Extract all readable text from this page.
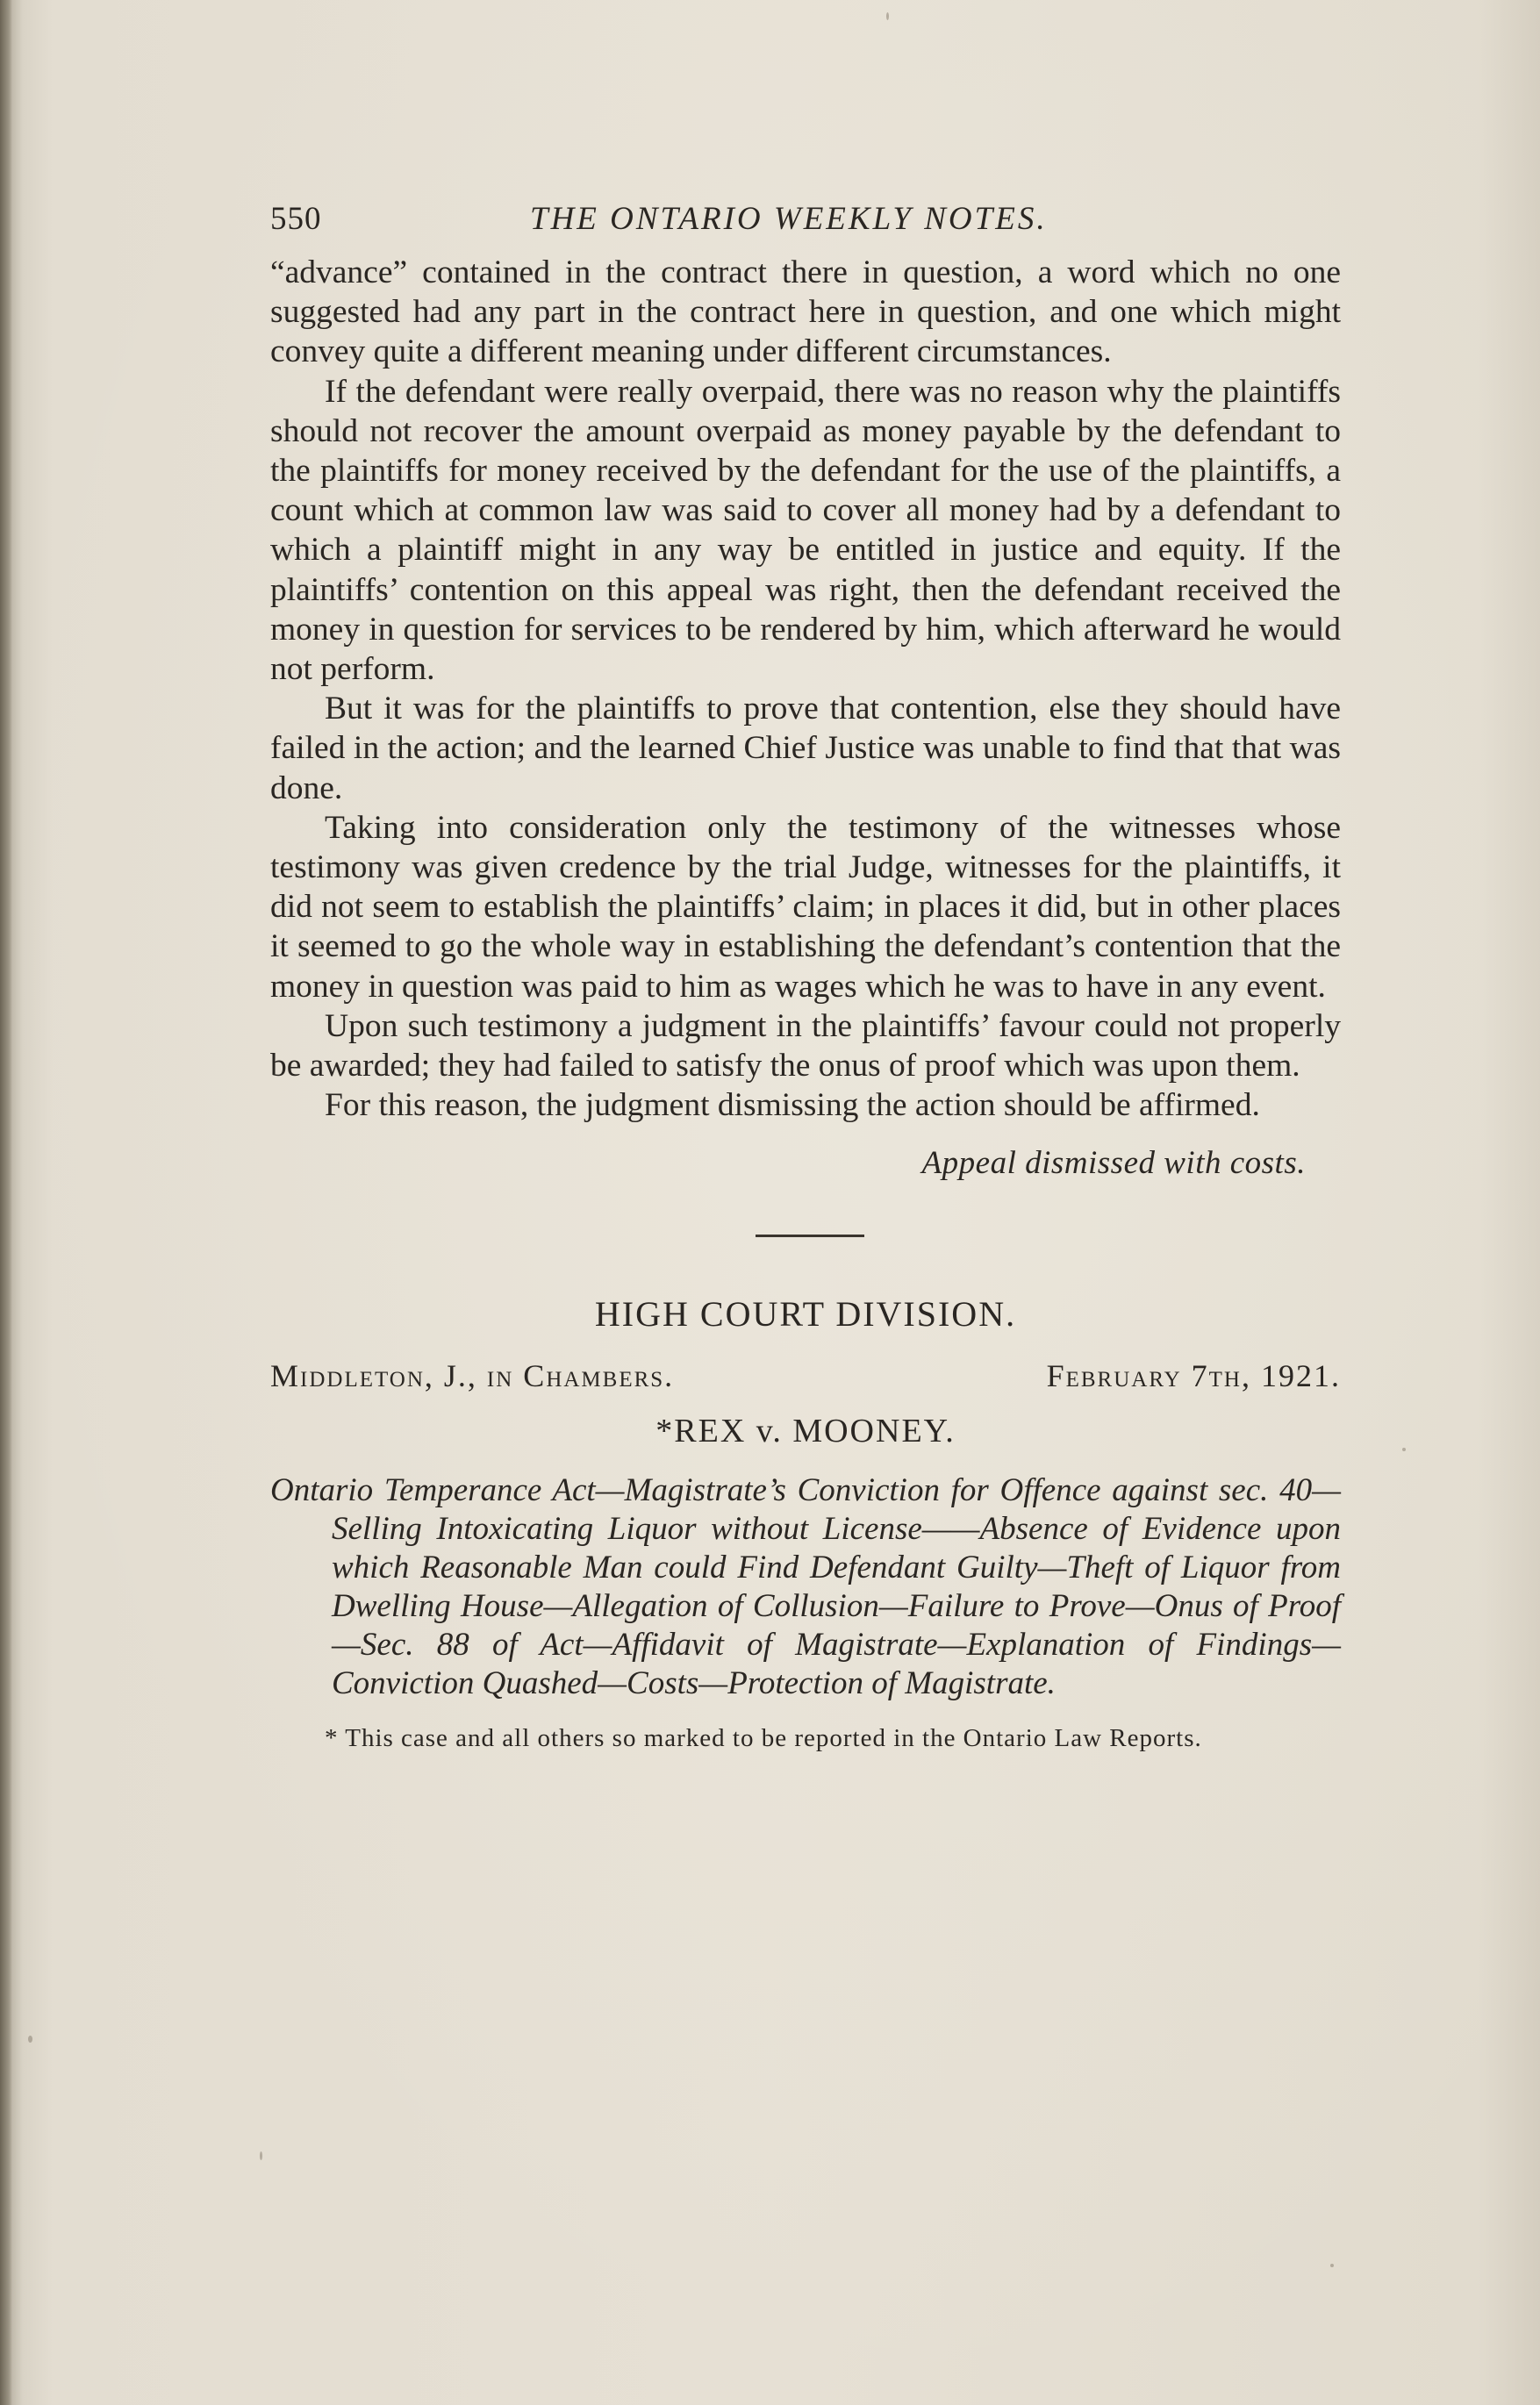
550	THE ONTARIO WEEKLY NOTES.

“advance” contained in the contract there in question, a word which no one suggested had any part in the contract here in question, and one which might convey quite a different meaning under different circumstances.

If the defendant were really overpaid, there was no reason why the plaintiffs should not recover the amount overpaid as money payable by the defendant to the plaintiffs for money received by the defendant for the use of the plaintiffs, a count which at common law was said to cover all money had by a defendant to which a plaintiff might in any way be entitled in justice and equity. If the plaintiffs’ contention on this appeal was right, then the defendant received the money in question for services to be rendered by him, which afterward he would not perform.

But it was for the plaintiffs to prove that contention, else they should have failed in the action; and the learned Chief Justice was unable to find that that was done.

Taking into consideration only the testimony of the witnesses whose testimony was given credence by the trial Judge, witnesses for the plaintiffs, it did not seem to establish the plaintiffs’ claim; in places it did, but in other places it seemed to go the whole way in establishing the defendant’s contention that the money in question was paid to him as wages which he was to have in any event.

Upon such testimony a judgment in the plaintiffs’ favour could not properly be awarded; they had failed to satisfy the onus of proof which was upon them.

For this reason, the judgment dismissing the action should be affirmed.

Appeal dismissed with costs.
HIGH COURT DIVISION.
Middleton, J., in Chambers.	February 7th, 1921.
*REX v. MOONEY.
Ontario Temperance Act—Magistrate’s Conviction for Offence against sec. 40—Selling Intoxicating Liquor without License——Absence of Evidence upon which Reasonable Man could Find Defendant Guilty—Theft of Liquor from Dwelling House—Allegation of Collusion—Failure to Prove—Onus of Proof—Sec. 88 of Act—Affidavit of Magistrate—Explanation of Findings—Conviction Quashed—Costs—Protection of Magistrate.
* This case and all others so marked to be reported in the Ontario Law Reports.
